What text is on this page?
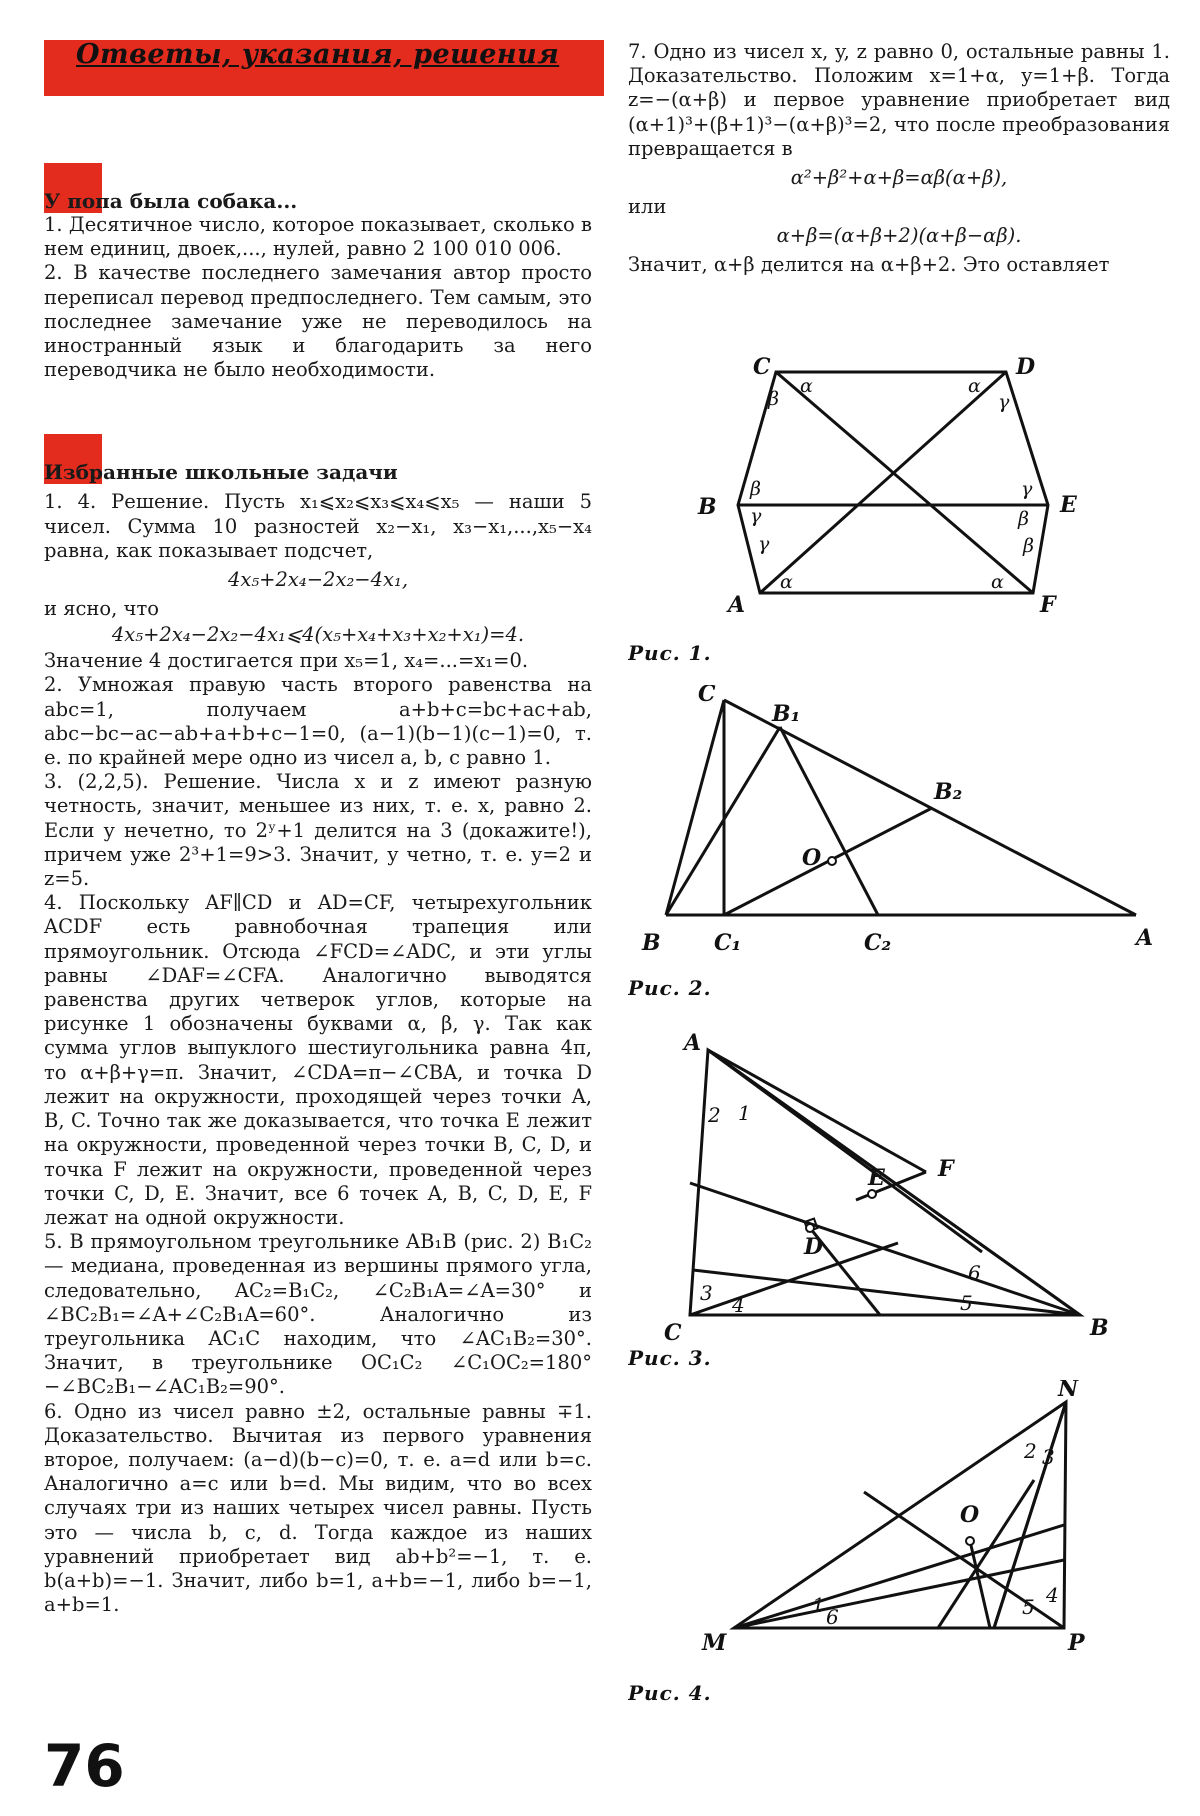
Ответы, указания, решения
У попа была собака...

1. Десятичное число, которое показывает, сколько в нем единиц, двоек,..., нулей, равно 2 100 010 006.

2. В качестве последнего замечания автор просто переписал перевод предпоследнего. Тем самым, это последнее замечание уже не переводилось на иностранный язык и благодарить за него переводчика не было необходимости.

Избранные школьные задачи

1. 4. Решение. Пусть x₁⩽x₂⩽x₃⩽x₄⩽x₅ — наши 5 чисел. Сумма 10 разностей x₂−x₁, x₃−x₁,...,x₅−x₄ равна, как показывает подсчет,

4x₅+2x₄−2x₂−4x₁,

и ясно, что

4x₅+2x₄−2x₂−4x₁⩽4(x₅+x₄+x₃+x₂+x₁)=4.

Значение 4 достигается при x₅=1, x₄=...=x₁=0.

2. Умножая правую часть второго равенства на abc=1, получаем a+b+c=bc+ac+ab, abc−bc−ac−ab+a+b+c−1=0, (a−1)(b−1)(c−1)=0, т. е. по крайней мере одно из чисел a, b, c равно 1.

3. (2,2,5). Решение. Числа x и z имеют разную четность, значит, меньшее из них, т. е. x, равно 2. Если y нечетно, то 2ʸ+1 делится на 3 (докажите!), причем уже 2³+1=9>3. Значит, y четно, т. е. y=2 и z=5.

4. Поскольку AF∥CD и AD=CF, четырехугольник ACDF есть равнобочная трапеция или прямоугольник. Отсюда ∠FCD=∠ADC, и эти углы равны ∠DAF=∠CFA. Аналогично выводятся равенства других четверок углов, которые на рисунке 1 обозначены буквами α, β, γ. Так как сумма углов выпуклого шестиугольника равна 4π, то α+β+γ=π. Значит, ∠CDA=π−∠CBA, и точка D лежит на окружности, проходящей через точки A, B, C. Точно так же доказывается, что точка E лежит на окружности, проведенной через точки B, C, D, и точка F лежит на окружности, проведенной через точки C, D, E. Значит, все 6 точек A, B, C, D, E, F лежат на одной окружности.

5. В прямоугольном треугольнике AB₁B (рис. 2) B₁C₂ — медиана, проведенная из вершины прямого угла, следовательно, AC₂=B₁C₂, ∠C₂B₁A=∠A=30° и ∠BC₂B₁=∠A+∠C₂B₁A=60°. Аналогично из треугольника AC₁C находим, что ∠AC₁B₂=30°. Значит, в треугольнике OC₁C₂ ∠C₁OC₂=180°−∠BC₂B₁−∠AC₁B₂=90°.

6. Одно из чисел равно ±2, остальные равны ∓1. Доказательство. Вычитая из первого уравнения второе, получаем: (a−d)(b−c)=0, т. е. a=d или b=c. Аналогично a=c или b=d. Мы видим, что во всех случаях три из наших четырех чисел равны. Пусть это — числа b, c, d. Тогда каждое из наших уравнений приобретает вид ab+b²=−1, т. е. b(a+b)=−1. Значит, либо b=1, a+b=−1, либо b=−1, a+b=1.

7. Одно из чисел x, y, z равно 0, остальные равны 1. Доказательство. Положим x=1+α, y=1+β. Тогда z=−(α+β) и первое уравнение приобретает вид (α+1)³+(β+1)³−(α+β)³=2, что после преобразования превращается в

α²+β²+α+β=αβ(α+β),

или

α+β=(α+β+2)(α+β−αβ).

Значит, α+β делится на α+β+2. Это оставляет

C	D
E
F
A
B
α	α
β	γ
β	γ
γ	β
γ	β
α	α
Рис. 1.
C
B₁
B₂
O
B C₁	C₂	A
Рис. 2.
A
F
E
D
C	B
1
2
3 4	5
6
Рис. 3.
N
O
M	P
1
2 3
4
5
6
Рис. 4.
76
